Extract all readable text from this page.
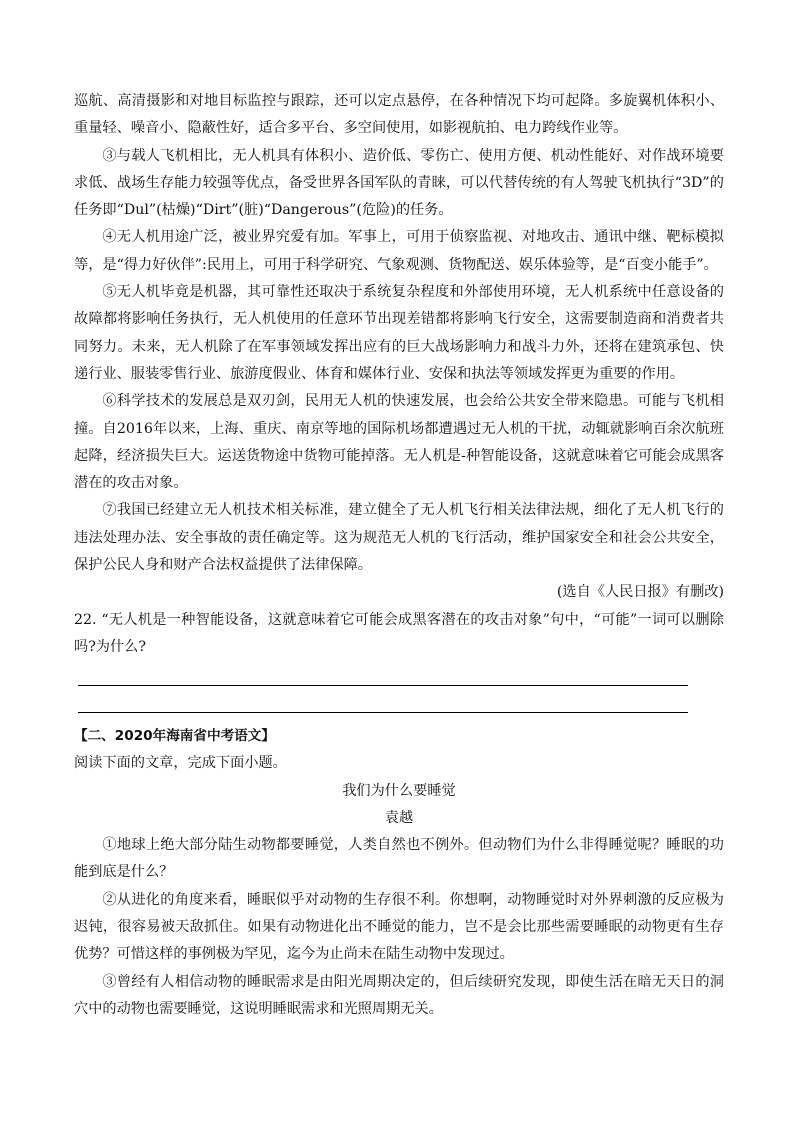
巡航、高清摄影和对地目标监控与跟踪，还可以定点悬停，在各种情况下均可起降。多旋翼机体积小、重量轻、噪音小、隐蔽性好，适合多平台、多空间使用，如影视航拍、电力跨线作业等。

③与载人飞机相比，无人机具有体积小、造价低、零伤亡、使用方便、机动性能好、对作战环境要求低、战场生存能力较强等优点，备受世界各国军队的青睐，可以代替传统的有人驾驶飞机执行“3D”的任务即“Dul”(枯燥)“Dirt”(脏)“Dangerous”(危险)的任务。

④无人机用途广泛，被业界究爱有加。军事上，可用于侦察监视、对地攻击、通讯中继、靶标模拟等，是“得力好伙伴”:民用上，可用于科学研究、气象观测、货物配送、娱乐体验等，是“百变小能手”。

⑤无人机毕竟是机器，其可靠性还取决于系统复杂程度和外部使用环境，无人机系统中任意设备的故障都将影响任务执行，无人机使用的任意环节出现差错都将影响飞行安全，这需要制造商和消费者共同努力。未来，无人机除了在军事领域发挥出应有的巨大战场影响力和战斗力外，还将在建筑承包、快递行业、服装零售行业、旅游度假业、体育和媒体行业、安保和执法等领域发挥更为重要的作用。

⑥科学技术的发展总是双刃剑，民用无人机的快速发展，也会给公共安全带来隐患。可能与飞机相撞。自2016年以来，上海、重庆、南京等地的国际机场都遭遇过无人机的干扰，动辄就影响百余次航班起降，经济损失巨大。运送货物途中货物可能掉落。无人机是-种智能设备，这就意味着它可能会成黑客潜在的攻击对象。

⑦我国已经建立无人机技术相关标准，建立健全了无人机飞行相关法律法规，细化了无人机飞行的违法处理办法、安全事故的责任确定等。这为规范无人机的飞行活动，维护国家安全和社会公共安全，保护公民人身和财产合法权益提供了法律保障。

(选自《人民日报》有删改)

22. “无人机是一种智能设备，这就意味着它可能会成黑客潜在的攻击对象”句中，“可能”一词可以删除吗?为什么?

【二、2020年海南省中考语文】

阅读下面的文章，完成下面小题。

我们为什么要睡觉

袁越

①地球上绝大部分陆生动物都要睡觉，人类自然也不例外。但动物们为什么非得睡觉呢？睡眠的功能到底是什么？

②从进化的角度来看，睡眠似乎对动物的生存很不利。你想啊，动物睡觉时对外界刺激的反应极为迟钝，很容易被天敌抓住。如果有动物进化出不睡觉的能力，岂不是会比那些需要睡眠的动物更有生存优势？可惜这样的事例极为罕见，迄今为止尚未在陆生动物中发现过。

③曾经有人相信动物的睡眠需求是由阳光周期决定的，但后续研究发现，即使生活在暗无天日的洞穴中的动物也需要睡觉，这说明睡眠需求和光照周期无关。
